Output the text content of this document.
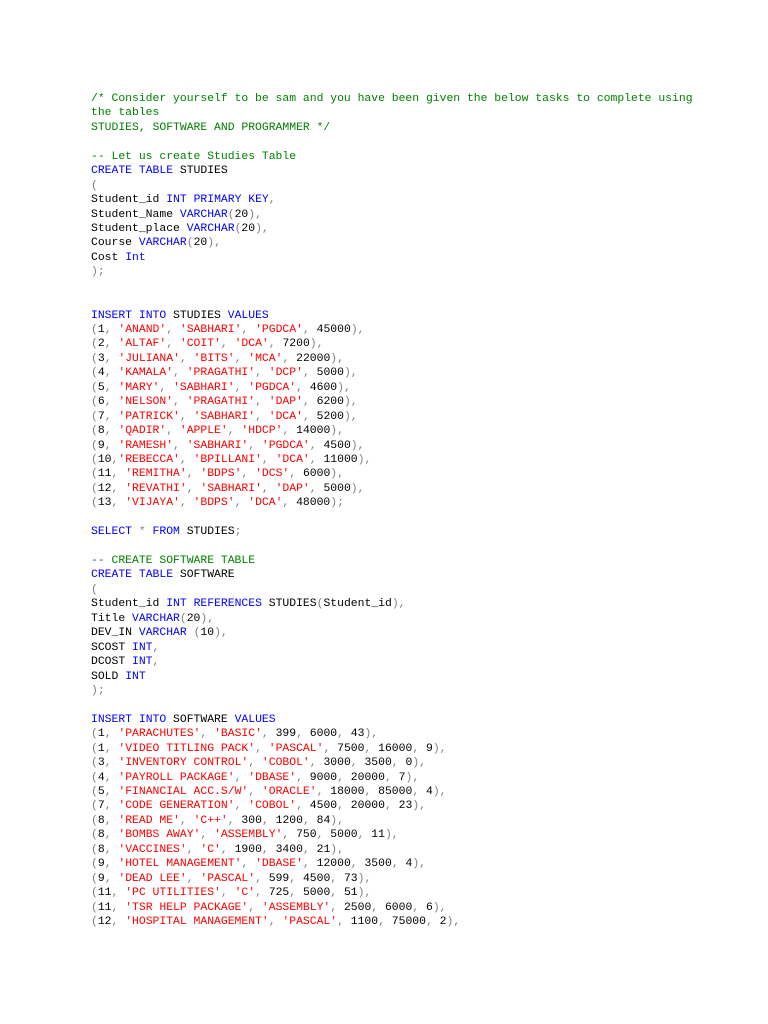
/* Consider yourself to be sam and you have been given the below tasks to complete using
the tables
STUDIES, SOFTWARE AND PROGRAMMER */

-- Let us create Studies Table
CREATE TABLE STUDIES
(
Student_id INT PRIMARY KEY,
Student_Name VARCHAR(20),
Student_place VARCHAR(20),
Course VARCHAR(20),
Cost Int
);

INSERT INTO STUDIES VALUES
(1, 'ANAND', 'SABHARI', 'PGDCA', 45000),
(2, 'ALTAF', 'COIT', 'DCA', 7200),
(3, 'JULIANA', 'BITS', 'MCA', 22000),
(4, 'KAMALA', 'PRAGATHI', 'DCP', 5000),
(5, 'MARY', 'SABHARI', 'PGDCA', 4600),
(6, 'NELSON', 'PRAGATHI', 'DAP', 6200),
(7, 'PATRICK', 'SABHARI', 'DCA', 5200),
(8, 'QADIR', 'APPLE', 'HDCP', 14000),
(9, 'RAMESH', 'SABHARI', 'PGDCA', 4500),
(10,'REBECCA', 'BPILLANI', 'DCA', 11000),
(11, 'REMITHA', 'BDPS', 'DCS', 6000),
(12, 'REVATHI', 'SABHARI', 'DAP', 5000),
(13, 'VIJAYA', 'BDPS', 'DCA', 48000);

SELECT * FROM STUDIES;

-- CREATE SOFTWARE TABLE
CREATE TABLE SOFTWARE
(
Student_id INT REFERENCES STUDIES(Student_id),
Title VARCHAR(20),
DEV_IN VARCHAR (10),
SCOST INT,
DCOST INT,
SOLD INT
);

INSERT INTO SOFTWARE VALUES
(1, 'PARACHUTES', 'BASIC', 399, 6000, 43),
(1, 'VIDEO TITLING PACK', 'PASCAL', 7500, 16000, 9),
(3, 'INVENTORY CONTROL', 'COBOL', 3000, 3500, 0),
(4, 'PAYROLL PACKAGE', 'DBASE', 9000, 20000, 7),
(5, 'FINANCIAL ACC.S/W', 'ORACLE', 18000, 85000, 4),
(7, 'CODE GENERATION', 'COBOL', 4500, 20000, 23),
(8, 'READ ME', 'C++', 300, 1200, 84),
(8, 'BOMBS AWAY', 'ASSEMBLY', 750, 5000, 11),
(8, 'VACCINES', 'C', 1900, 3400, 21),
(9, 'HOTEL MANAGEMENT', 'DBASE', 12000, 3500, 4),
(9, 'DEAD LEE', 'PASCAL', 599, 4500, 73),
(11, 'PC UTILITIES', 'C', 725, 5000, 51),
(11, 'TSR HELP PACKAGE', 'ASSEMBLY', 2500, 6000, 6),
(12, 'HOSPITAL MANAGEMENT', 'PASCAL', 1100, 75000, 2),
